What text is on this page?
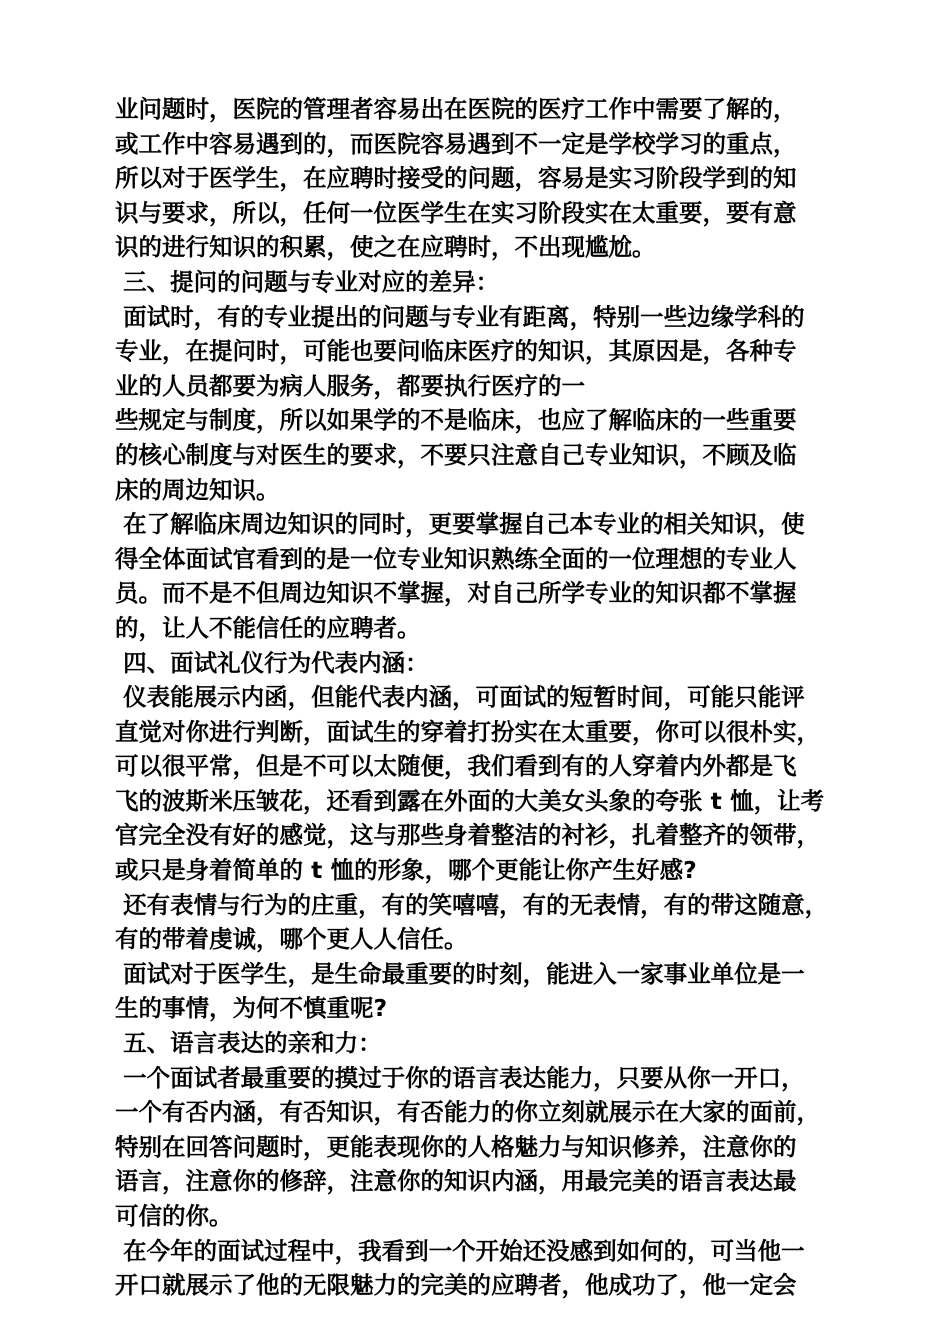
业问题时，医院的管理者容易出在医院的医疗工作中需要了解的，
或工作中容易遇到的，而医院容易遇到不一定是学校学习的重点，
所以对于医学生，在应聘时接受的问题，容易是实习阶段学到的知
识与要求，所以，任何一位医学生在实习阶段实在太重要，要有意
识的进行知识的积累，使之在应聘时，不出现尴尬。
三、提问的问题与专业对应的差异：
面试时，有的专业提出的问题与专业有距离，特别一些边缘学科的
专业，在提问时，可能也要问临床医疗的知识，其原因是，各种专
业的人员都要为病人服务，都要执行医疗的一
些规定与制度，所以如果学的不是临床，也应了解临床的一些重要
的核心制度与对医生的要求，不要只注意自己专业知识，不顾及临
床的周边知识。
在了解临床周边知识的同时，更要掌握自己本专业的相关知识，使
得全体面试官看到的是一位专业知识熟练全面的一位理想的专业人
员。而不是不但周边知识不掌握，对自己所学专业的知识都不掌握
的，让人不能信任的应聘者。
四、面试礼仪行为代表内涵：
仪表能展示内函，但能代表内涵，可面试的短暂时间，可能只能评
直觉对你进行判断，面试生的穿着打扮实在太重要，你可以很朴实，
可以很平常，但是不可以太随便，我们看到有的人穿着内外都是飞
飞的波斯米压皱花，还看到露在外面的大美女头象的夸张 t 恤，让考
官完全没有好的感觉，这与那些身着整洁的衬衫，扎着整齐的领带，
或只是身着简单的 t 恤的形象，哪个更能让你产生好感?
还有表情与行为的庄重，有的笑嘻嘻，有的无表情，有的带这随意，
有的带着虔诚，哪个更人人信任。
面试对于医学生，是生命最重要的时刻，能进入一家事业单位是一
生的事情，为何不慎重呢?
五、语言表达的亲和力：
一个面试者最重要的摸过于你的语言表达能力，只要从你一开口，
一个有否内涵，有否知识，有否能力的你立刻就展示在大家的面前，
特别在回答问题时，更能表现你的人格魅力与知识修养，注意你的
语言，注意你的修辞，注意你的知识内涵，用最完美的语言表达最
可信的你。
在今年的面试过程中，我看到一个开始还没感到如何的，可当他一
开口就展示了他的无限魅力的完美的应聘者，他成功了，他一定会
